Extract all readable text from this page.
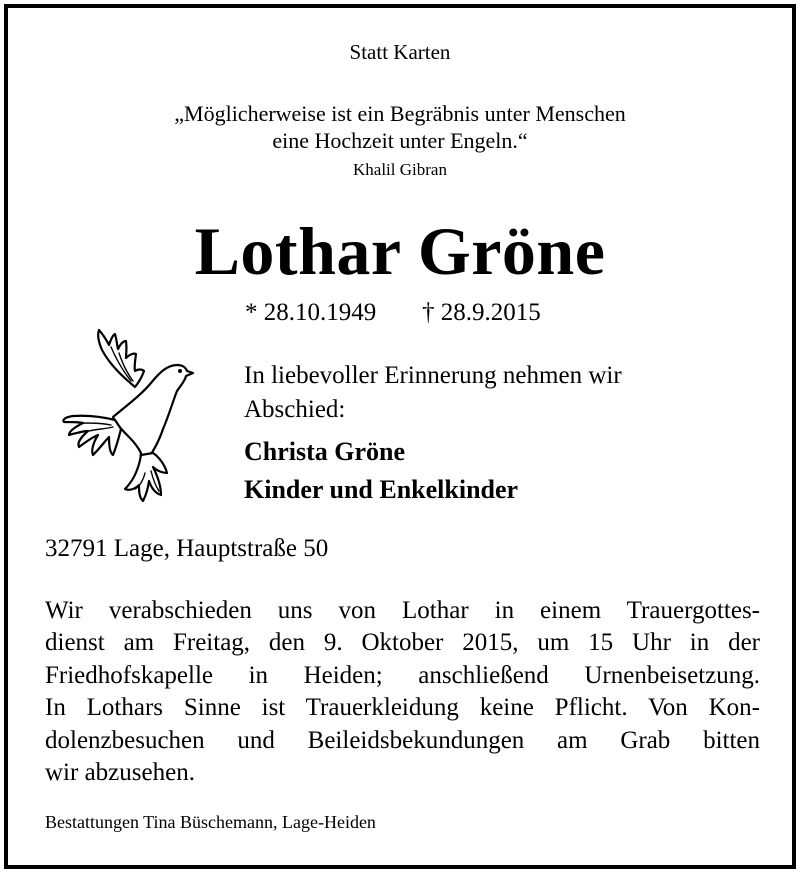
Statt Karten
„Möglicherweise ist ein Begräbnis unter Menschen
eine Hochzeit unter Engeln.“
Khalil Gibran
Lothar Gröne
* 28.10.1949 † 28.9.2015
In liebevoller Erinnerung nehmen wir
Abschied:
Christa Gröne
Kinder und Enkelkinder
32791 Lage, Hauptstraße 50
Wir verabschieden uns von Lothar in einem Trauergottes-
dienst am Freitag, den 9. Oktober 2015, um 15 Uhr in der
Friedhofskapelle in Heiden; anschließend Urnenbeisetzung.
In Lothars Sinne ist Trauerkleidung keine Pflicht. Von Kon-
dolenzbesuchen und Beileidsbekundungen am Grab bitten
wir abzusehen.
Bestattungen Tina Büschemann, Lage-Heiden
